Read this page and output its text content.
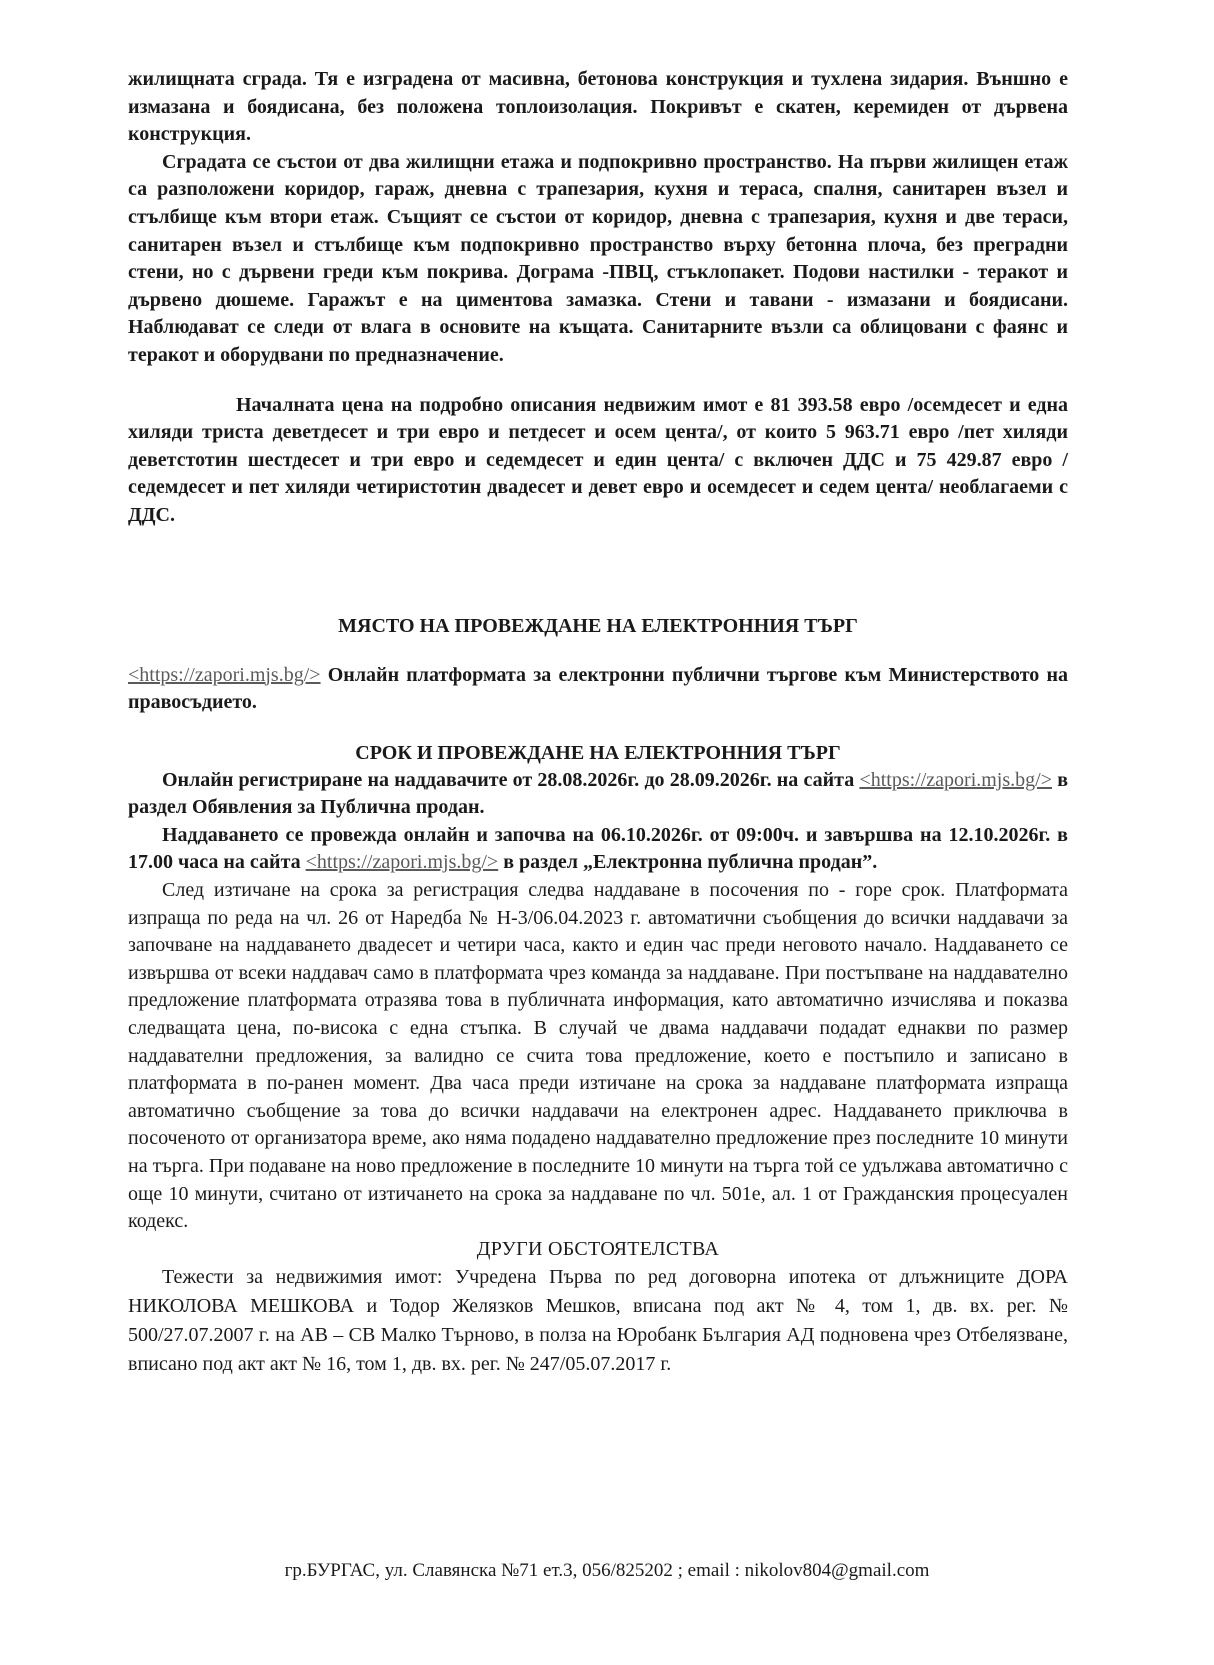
жилищната сграда. Тя е изградена от масивна, бетонова конструкция и тухлена зидария. Външно е измазана и боядисана, без положена топлоизолация. Покривът е скатен, керемиден от дървена конструкция.

Сградата се състои от два жилищни етажа и подпокривно пространство. На първи жилищен етаж са разположени коридор, гараж, дневна с трапезария, кухня и тераса, спалня, санитарен възел и стълбище към втори етаж. Същият се състои от коридор, дневна с трапезария, кухня и две тераси, санитарен възел и стълбище към подпокривно пространство върху бетонна плоча, без преградни стени, но с дървени греди към покрива. Дограма -ПВЦ, стъклопакет. Подови настилки - теракот и дървено дюшеме. Гаражът е на циментова замазка. Стени и тавани - измазани и боядисани. Наблюдават се следи от влага в основите на къщата. Санитарните възли са облицовани с фаянс и теракот и оборудвани по предназначение.

Началната цена на подробно описания недвижим имот е 81 393.58 евро /осемдесет и една хиляди триста деветдесет и три евро и петдесет и осем цента/, от които 5 963.71 евро /пет хиляди деветстотин шестдесет и три евро и седемдесет и един цента/ с включен ДДС и 75 429.87 евро /седемдесет и пет хиляди четиристотин двадесет и девет евро и осемдесет и седем цента/ необлагаеми с ДДС.

МЯСТО НА ПРОВЕЖДАНЕ НА ЕЛЕКТРОННИЯ ТЪРГ

<https://zapori.mjs.bg/> Онлайн платформата за електронни публични търгове към Министерството на правосъдието.

СРОК И ПРОВЕЖДАНЕ НА ЕЛЕКТРОННИЯ ТЪРГ

Онлайн регистриране на наддавачите от 28.08.2026г. до 28.09.2026г. на сайта <https://zapori.mjs.bg/> в раздел Обявления за Публична продан.

Наддаването се провежда онлайн и започва на 06.10.2026г. от 09:00ч. и завършва на 12.10.2026г. в 17.00 часа на сайта <https://zapori.mjs.bg/> в раздел „Електронна публична продан”.

След изтичане на срока за регистрация следва наддаване в посочения по - горе срок. Платформата изпраща по реда на чл. 26 от Наредба № Н-3/06.04.2023 г. автоматични съобщения до всички наддавачи за започване на наддаването двадесет и четири часа, както и един час преди неговото начало. Наддаването се извършва от всеки наддавач само в платформата чрез команда за наддаване. При постъпване на наддавателно предложение платформата отразява това в публичната информация, като автоматично изчислява и показва следващата цена, по-висока с една стъпка. В случай че двама наддавачи подадат еднакви по размер наддавателни предложения, за валидно се счита това предложение, което е постъпило и записано в платформата в по-ранен момент. Два часа преди изтичане на срока за наддаване платформата изпраща автоматично съобщение за това до всички наддавачи на електронен адрес. Наддаването приключва в посоченото от организатора време, ако няма подадено наддавателно предложение през последните 10 минути на търга. При подаване на ново предложение в последните 10 минути на търга той се удължава автоматично с още 10 минути, считано от изтичането на срока за наддаване по чл. 501е, ал. 1 от Гражданския процесуален кодекс.

ДРУГИ ОБСТОЯТЕЛСТВА

Тежести за недвижимия имот: Учредена Първа по ред договорна ипотека от длъжниците ДОРА НИКОЛОВА МЕШКОВА и Тодор Желязков Мешков, вписана под акт № 4, том 1, дв. вх. рег. № 500/27.07.2007 г. на АВ – СВ Малко Търново, в полза на Юробанк България АД подновена чрез Отбелязване, вписано под акт акт № 16, том 1, дв. вх. рег. № 247/05.07.2017 г.

гр.БУРГАС, ул. Славянска №71 ет.3, 056/825202 ; email : nikolov804@gmail.com
